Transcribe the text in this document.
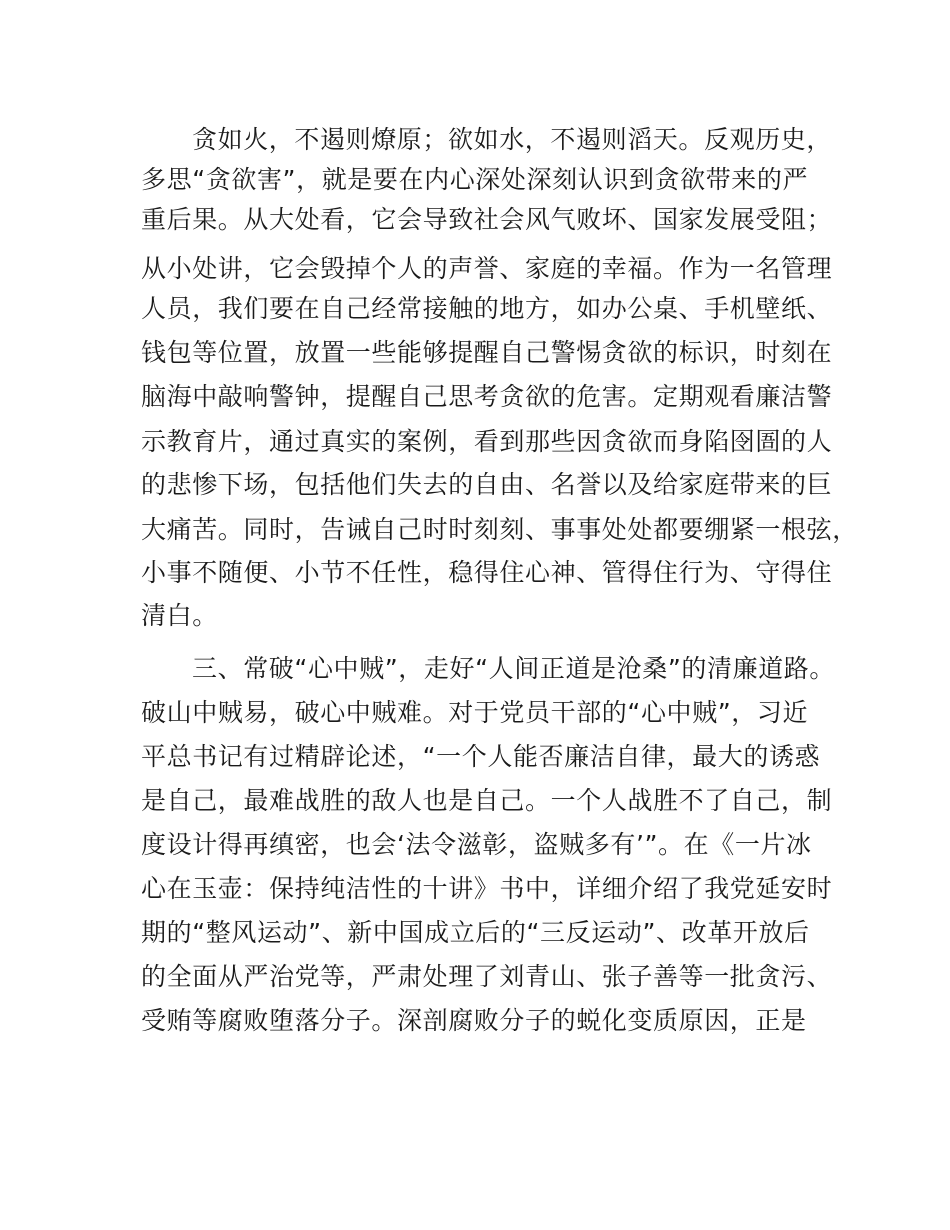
贪如火，不遏则燎原；欲如水，不遏则滔天。反观历史，

多思“贪欲害”，就是要在内心深处深刻认识到贪欲带来的严

重后果。从大处看，它会导致社会风气败坏、国家发展受阻；

从小处讲，它会毁掉个人的声誉、家庭的幸福。作为一名管理

人员，我们要在自己经常接触的地方，如办公桌、手机壁纸、

钱包等位置，放置一些能够提醒自己警惕贪欲的标识，时刻在

脑海中敲响警钟，提醒自己思考贪欲的危害。定期观看廉洁警

示教育片，通过真实的案例，看到那些因贪欲而身陷囹圄的人

的悲惨下场，包括他们失去的自由、名誉以及给家庭带来的巨

大痛苦。同时，告诫自己时时刻刻、事事处处都要绷紧一根弦，

小事不随便、小节不任性，稳得住心神、管得住行为、守得住

清白。

三、常破“心中贼”，走好“人间正道是沧桑”的清廉道路。

破山中贼易，破心中贼难。对于党员干部的“心中贼”，习近

平总书记有过精辟论述，“一个人能否廉洁自律，最大的诱惑

是自己，最难战胜的敌人也是自己。一个人战胜不了自己，制

度设计得再缜密，也会‘法令滋彰，盗贼多有’”。在《一片冰

心在玉壶：保持纯洁性的十讲》书中，详细介绍了我党延安时

期的“整风运动”、新中国成立后的“三反运动”、改革开放后

的全面从严治党等，严肃处理了刘青山、张子善等一批贪污、

受贿等腐败堕落分子。深剖腐败分子的蜕化变质原因，正是
